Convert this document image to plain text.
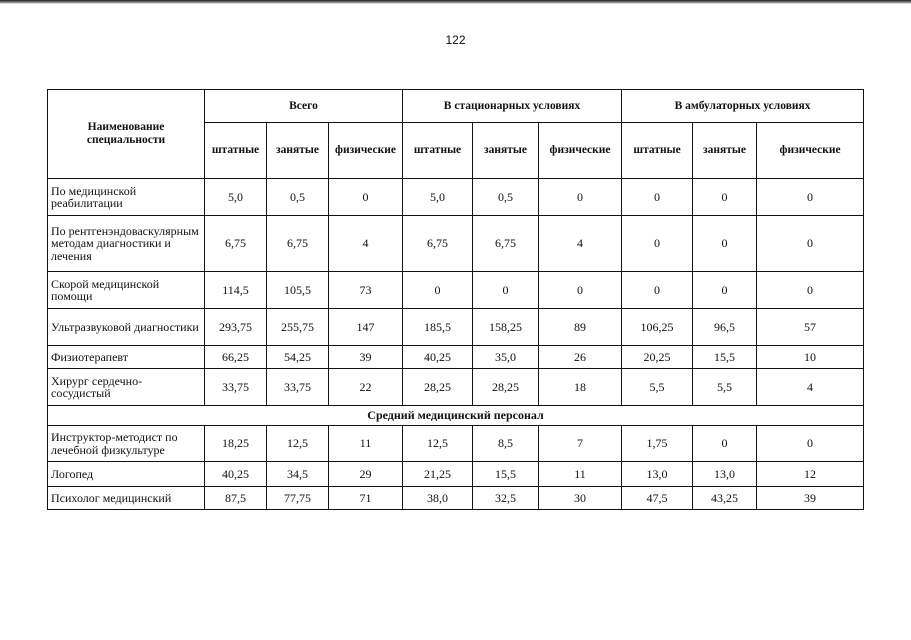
122
Наименование специальности	Всего			В стационарных условиях			В амбулаторных условиях		
	штатные	занятые	физические	штатные	занятые	физические	штатные	занятые	физические
По медицинской реабилитации	5,0	0,5	0	5,0	0,5	0	0	0	0
По рентгенэндоваскулярным методам диагностики и лечения	6,75	6,75	4	6,75	6,75	4	0	0	0
Скорой медицинской помощи	114,5	105,5	73	0	0	0	0	0	0
Ультразвуковой диагностики	293,75	255,75	147	185,5	158,25	89	106,25	96,5	57
Физиотерапевт	66,25	54,25	39	40,25	35,0	26	20,25	15,5	10
Хирург сердечно-сосудистый	33,75	33,75	22	28,25	28,25	18	5,5	5,5	4
Средний медицинский персонал									
Инструктор-методист по лечебной физкультуре	18,25	12,5	11	12,5	8,5	7	1,75	0	0
Логопед	40,25	34,5	29	21,25	15,5	11	13,0	13,0	12
Психолог медицинский	87,5	77,75	71	38,0	32,5	30	47,5	43,25	39
